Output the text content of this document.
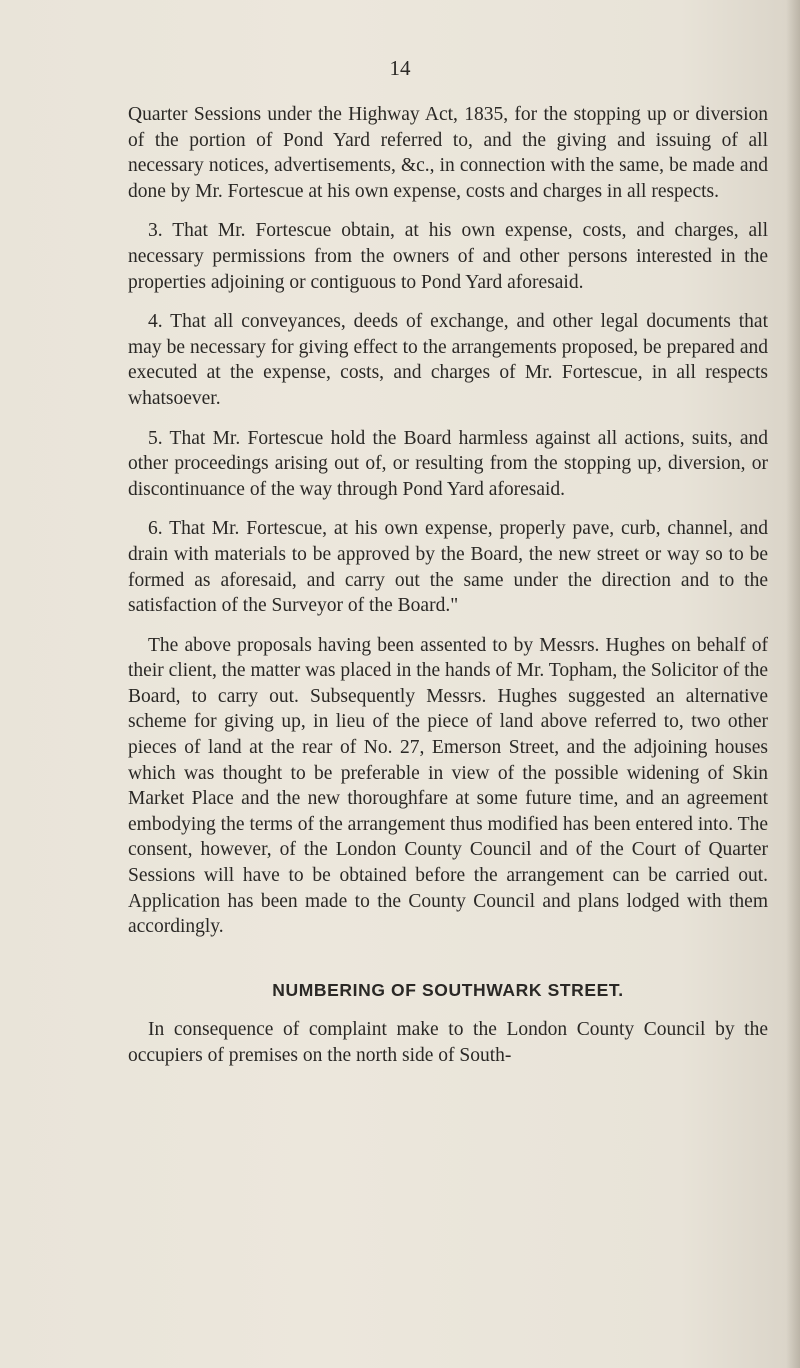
14

Quarter Sessions under the Highway Act, 1835, for the stopping up or diversion of the portion of Pond Yard referred to, and the giving and issuing of all necessary notices, advertisements, &c., in connection with the same, be made and done by Mr. Fortescue at his own expense, costs and charges in all respects.

3. That Mr. Fortescue obtain, at his own expense, costs, and charges, all necessary permissions from the owners of and other persons interested in the properties adjoining or contiguous to Pond Yard aforesaid.

4. That all conveyances, deeds of exchange, and other legal documents that may be necessary for giving effect to the arrangements proposed, be prepared and executed at the expense, costs, and charges of Mr. Fortescue, in all respects whatsoever.

5. That Mr. Fortescue hold the Board harmless against all actions, suits, and other proceedings arising out of, or resulting from the stopping up, diversion, or discontinuance of the way through Pond Yard aforesaid.

6. That Mr. Fortescue, at his own expense, properly pave, curb, channel, and drain with materials to be approved by the Board, the new street or way so to be formed as aforesaid, and carry out the same under the direction and to the satisfaction of the Surveyor of the Board."

The above proposals having been assented to by Messrs. Hughes on behalf of their client, the matter was placed in the hands of Mr. Topham, the Solicitor of the Board, to carry out. Subsequently Messrs. Hughes suggested an alternative scheme for giving up, in lieu of the piece of land above referred to, two other pieces of land at the rear of No. 27, Emerson Street, and the adjoining houses which was thought to be preferable in view of the possible widening of Skin Market Place and the new thoroughfare at some future time, and an agreement embodying the terms of the arrangement thus modified has been entered into. The consent, however, of the London County Council and of the Court of Quarter Sessions will have to be obtained before the arrangement can be carried out. Application has been made to the County Council and plans lodged with them accordingly.

NUMBERING OF SOUTHWARK STREET.

In consequence of complaint make to the London County Council by the occupiers of premises on the north side of South-
